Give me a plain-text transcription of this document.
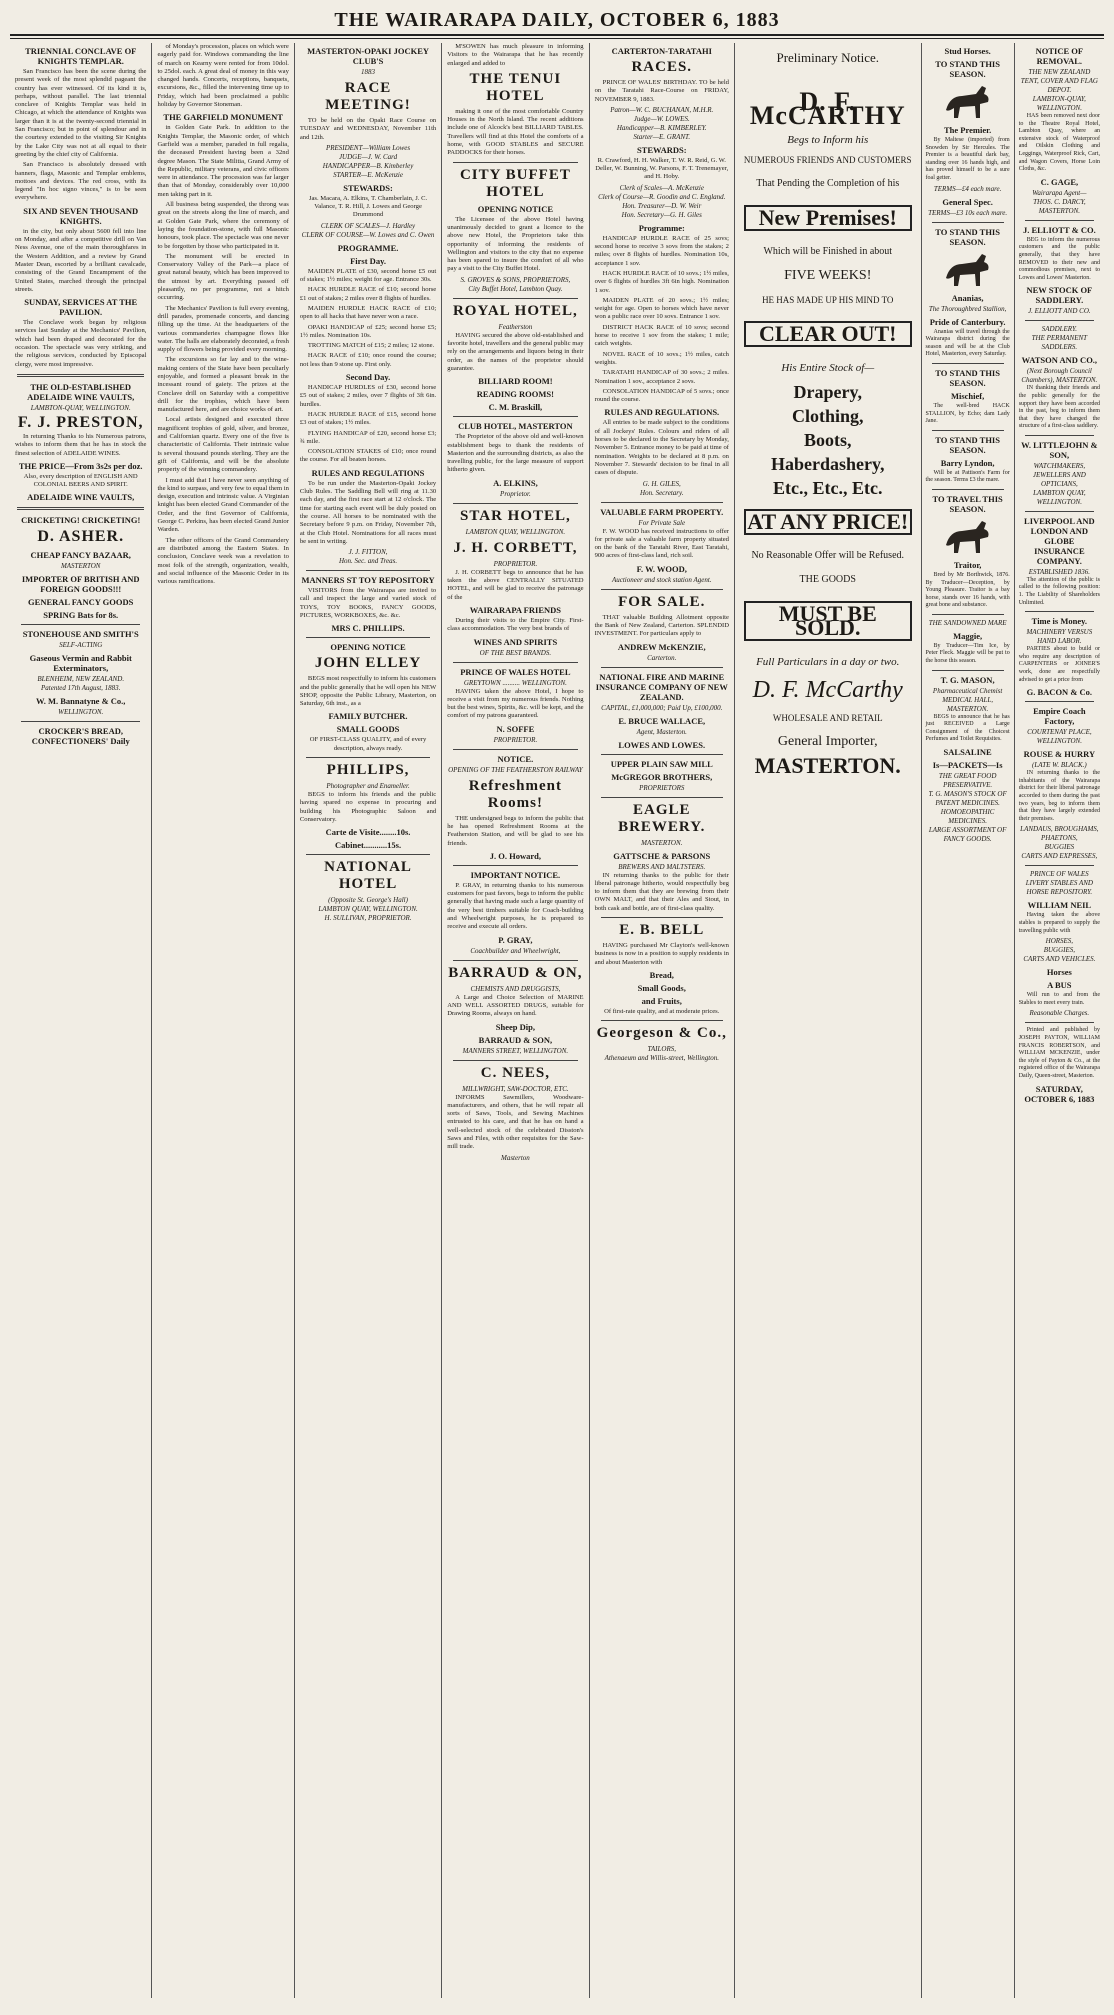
THE WAIRARAPA DAILY, OCTOBER 6, 1883
TRIENNIAL CONCLAVE OF KNIGHTS TEMPLAR.

San Francisco has been the scene during the present week of the most splendid pageant the country has ever witnessed. Of its kind it is, perhaps, without parallel. The last triennial conclave of Knights Templar was held in Chicago, at which the attendance of Knights was larger than it is at the twenty-second triennial in San Francisco; but in point of splendour and in the courtesy extended to the visiting Sir Knights by the Lake City was not at all equal to their greeting by the chief city of California.

San Francisco is absolutely dressed with banners, flags, Masonic and Templar emblems, mottoes and devices. The red cross, with its legend "In hoc signo vinces," is to be seen everywhere.

SIX AND SEVEN THOUSAND KNIGHTS.

in the city, but only about 5600 fell into line on Monday, and after a competitive drill on Van Ness Avenue, one of the main thoroughfares in the Western Addition, and a review by Grand Master Dean, escorted by a brilliant cavalcade, consisting of the Grand Encampment of the United States, marched through the principal streets.

SUNDAY, SERVICES AT THE PAVILION.

The Conclave work began by religious services last Sunday at the Mechanics' Pavilion, which had been draped and decorated for the occasion. The spectacle was very striking, and the religious services, conducted by Episcopal clergy, were most impressive.

THE OLD-ESTABLISHED ADELAIDE WINE VAULTS,
LAMBTON-QUAY, WELLINGTON.
F. J. PRESTON,

In returning Thanks to his Numerous patrons, wishes to inform them that he has in stock the finest selection of ADELAIDE WINES.

THE PRICE—From 3s2s per doz.

Also, every description of ENGLISH AND COLONIAL BEERS AND SPIRIT.

ADELAIDE WINE VAULTS,
CRICKETING! CRICKETING!
D. ASHER.
CHEAP FANCY BAZAAR,
MASTERTON
IMPORTER OF BRITISH AND FOREIGN GOODS!!!
GENERAL FANCY GOODS
SPRING Bats for 8s.
STONEHOUSE AND SMITH'S
SELF-ACTING
Gaseous Vermin and Rabbit Exterminators,
BLENHEIM, NEW ZEALAND.
Patented 17th August, 1883.
W. M. Bannatyne & Co.,
WELLINGTON.
CROCKER'S BREAD, CONFECTIONERS' Daily

of Monday's procession, places on which were eagerly paid for. Windows commanding the line of march on Kearny were rented for from 10dol. to 25dol. each. A great deal of money in this way changed hands. Concerts, receptions, banquets, excursions, &c., filled the intervening time up to Friday, which had been proclaimed a public holiday by Governor Stoneman.

THE GARFIELD MONUMENT

in Golden Gate Park. In addition to the Knights Templar, the Masonic order, of which Garfield was a member, paraded in full regalia, the deceased President having been a 32nd degree Mason. The State Militia, Grand Army of the Republic, military veterans, and civic officers were in attendance. The procession was far larger than that of Monday, considerably over 10,000 men taking part in it.

All business being suspended, the throng was great on the streets along the line of march, and at Golden Gate Park, where the ceremony of laying the foundation-stone, with full Masonic honours, took place. The spectacle was one never to be forgotten by those who participated in it.

The monument will be erected in Conservatory Valley of the Park—a place of great natural beauty, which has been improved to the utmost by art. Everything passed off pleasantly, no per programme, not a hitch occurring.

The Mechanics' Pavilion is full every evening, drill parades, promenade concerts, and dancing filling up the time. At the headquarters of the various commanderies champagne flows like water. The halls are elaborately decorated, a fresh supply of flowers being provided every morning.

The excursions so far lay and to the wine-making centers of the State have been peculiarly enjoyable, and formed a pleasant break in the incessant round of gaiety. The prizes at the Conclave drill on Saturday with a competitive drill for the trophies, which have been manufactured here, and are choice works of art.

Local artists designed and executed three magnificent trophies of gold, silver, and bronze, and Californian quartz. Every one of the five is characteristic of California. Their intrinsic value is several thousand pounds sterling. They are the gift of California, and will be the absolute property of the winning commandery.

I must add that I have never seen anything of the kind to surpass, and very few to equal them in design, execution and intrinsic value. A Virginian knight has been elected Grand Commander of the Order, and the first Governor of California, George C. Perkins, has been elected Grand Junior Warden.

The other officers of the Grand Commandery are distributed among the Eastern States. In conclusion, Conclave week was a revelation to most folk of the strength, organization, wealth, and social influence of the Masonic Order in its various ramifications.

MASTERTON-OPAKI JOCKEY CLUB'S
1883
RACE MEETING!

TO be held on the Opaki Race Course on TUESDAY and WEDNESDAY, November 11th and 12th.

PRESIDENT—William Lowes
JUDGE—J. W. Card
HANDICAPPER—B. Kimberley
STARTER—E. McKenzie
STEWARDS:

Jas. Macara, A. Elkins, T. Chamberlain, J. C. Valance, T. R. Hill, J. Lowes and George Drummond

CLERK OF SCALES—J. Hardley
CLERK OF COURSE—W. Lowes and C. Owen
PROGRAMME.
First Day.

MAIDEN PLATE of £30, second horse £5 out of stakes; 1½ miles; weight for age. Entrance 30s.

HACK HURDLE RACE of £10; second horse £1 out of stakes; 2 miles over 8 flights of hurdles.

MAIDEN HURDLE HACK RACE of £10; open to all hacks that have never won a race.

OPAKI HANDICAP of £25; second horse £5; 1½ miles. Nomination 10s.

TROTTING MATCH of £15; 2 miles; 12 stone.

HACK RACE of £10; once round the course; not less than 9 stone up. First only.

Second Day.

HANDICAP HURDLES of £30, second horse £5 out of stakes; 2 miles, over 7 flights of 3ft 6in. hurdles.

HACK HURDLE RACE of £15, second horse £3 out of stakes; 1½ miles.

FLYING HANDICAP of £20, second horse £3; ¾ mile.

CONSOLATION STAKES of £10; once round the course. For all beaten horses.

RULES AND REGULATIONS

To be run under the Masterton-Opaki Jockey Club Rules. The Saddling Bell will ring at 11.30 each day, and the first race start at 12 o'clock. The time for starting each event will be duly posted on the course. All horses to be nominated with the Secretary before 9 p.m. on Friday, November 7th, at the Club Hotel. Nominations for all races must be sent in writing.

J. J. FITTON,
Hon. Sec. and Treas.
MANNERS ST TOY REPOSITORY

VISITORS from the Wairarapa are invited to call and inspect the large and varied stock of TOYS, TOY BOOKS, FANCY GOODS, PICTURES, WORKBOXES, &c. &c.

MRS C. PHILLIPS.
OPENING NOTICE
JOHN ELLEY

BEGS most respectfully to inform his customers and the public generally that he will open his NEW SHOP, opposite the Public Library, Masterton, on Saturday, 6th inst., as a

FAMILY BUTCHER.
SMALL GOODS

OF FIRST-CLASS QUALITY, and of every description, always ready.

PHILLIPS,
Photographer and Enameller.

BEGS to inform his friends and the public having spared no expense in procuring and building his Photographic Saloon and Conservatory.

Carte de Visite........10s.
Cabinet...........15s.
NATIONAL HOTEL
(Opposite St. George's Hall)
LAMBTON QUAY, WELLINGTON.
H. SULLIVAN, PROPRIETOR.

M'SOWEN has much pleasure in informing Visitors to the Wairarapa that he has recently enlarged and added to

THE TENUI HOTEL

making it one of the most comfortable Country Houses in the North Island. The recent additions include one of Alcock's best BILLIARD TABLES. Travellers will find at this Hotel the comforts of a home, with GOOD STABLES and SECURE PADDOCKS for their horses.

CITY BUFFET HOTEL
OPENING NOTICE

The Licensee of the above Hotel having unanimously decided to grant a licence to the above new Hotel, the Proprietors take this opportunity of informing the residents of Wellington and visitors to the city that no expense has been spared to insure the comfort of all who pay a visit to the City Buffet Hotel.

S. GROVES & SONS, PROPRIETORS,
City Buffet Hotel, Lambton Quay.
ROYAL HOTEL,
Featherston

HAVING secured the above old-established and favorite hotel, travellers and the general public may rely on the arrangements and liquors being in their order, as the names of the proprietor should guarantee.

BILLIARD ROOM!
READING ROOMS!
C. M. Braskill,
CLUB HOTEL, MASTERTON

The Proprietor of the above old and well-known establishment begs to thank the residents of Masterton and the surrounding districts, as also the travelling public, for the large measure of support hitherto given.

A. ELKINS,
Proprietor.
STAR HOTEL,
LAMBTON QUAY, WELLINGTON.
J. H. CORBETT,
PROPRIETOR.

J. H. CORBETT begs to announce that he has taken the above CENTRALLY SITUATED HOTEL, and will be glad to receive the patronage of the

WAIRARAPA FRIENDS

During their visits to the Empire City. First-class accommodation. The very best brands of

WINES AND SPIRITS
OF THE BEST BRANDS.
PRINCE OF WALES HOTEL
GREYTOWN .......... WELLINGTON.

HAVING taken the above Hotel, I hope to receive a visit from my numerous friends. Nothing but the best wines, Spirits, &c. will be kept, and the comfort of my patrons guaranteed.

N. SOFFE
PROPRIETOR.
NOTICE.
OPENING OF THE FEATHERSTON RAILWAY
Refreshment Rooms!

THE undersigned begs to inform the public that he has opened Refreshment Rooms at the Featherston Station, and will be glad to see his friends.

J. O. Howard,
IMPORTANT NOTICE.

P. GRAY, in returning thanks to his numerous customers for past favors, begs to inform the public generally that having made such a large quantity of the very best timbers suitable for Coach-building and Wheelwright purposes, he is prepared to receive and execute all orders.

P. GRAY,
Coachbuilder and Wheelwright,
BARRAUD & ON,
CHEMISTS AND DRUGGISTS,

A Large and Choice Selection of MARINE AND WELL ASSORTED DRUGS, suitable for Drawing Rooms, always on hand.

Sheep Dip,
BARRAUD & SON,
MANNERS STREET, WELLINGTON.
C. NEES,
MILLWRIGHT, SAW-DOCTOR, ETC.

INFORMS Sawmillers, Woodware-manufacturers, and others, that he will repair all sorts of Saws, Tools, and Sewing Machines entrusted to his care, and that he has on hand a well-selected stock of the celebrated Disston's Saws and Files, with other requisites for the Saw-mill trade.

Masterton
CARTERTON-TARATAHI
RACES.

PRINCE OF WALES' BIRTHDAY. TO be held on the Taratahi Race-Course on FRIDAY, NOVEMBER 9, 1883.

Patron—W. C. BUCHANAN, M.H.R.
Judge—W. LOWES.
Handicapper—B. KIMBERLEY.
Starter—E. GRANT.
STEWARDS:

R. Crawford, H. H. Walker, T. W. R. Reid, G. W. Deller, W. Bunning, W. Parsons, F. T. Trenemayer, and H. Hoby.

Clerk of Scales—A. McKenzie
Clerk of Course—R. Goodin and C. England.
Hon. Treasurer—D. W. Weir
Hon. Secretary—G. H. Giles
Programme:

HANDICAP HURDLE RACE of 25 sovs; second horse to receive 3 sovs from the stakes; 2 miles; over 8 flights of hurdles. Nomination 10s, acceptance 1 sov.

HACK HURDLE RACE of 10 sovs.; 1½ miles, over 6 flights of hurdles 3ft 6in high. Nomination 1 sov.

MAIDEN PLATE of 20 sovs.; 1½ miles; weight for age. Open to horses which have never won a public race over 10 sovs. Entrance 1 sov.

DISTRICT HACK RACE of 10 sovs; second horse to receive 1 sov from the stakes; 1 mile; catch weights.

NOVEL RACE of 10 sovs.; 1½ miles, catch weights.

TARATAHI HANDICAP of 30 sovs.; 2 miles. Nomination 1 sov., acceptance 2 sovs.

CONSOLATION HANDICAP of 5 sovs.; once round the course.

RULES AND REGULATIONS.

All entries to be made subject to the conditions of all Jockeys' Rules. Colours and riders of all horses to be declared to the Secretary by Monday, November 5. Entrance money to be paid at time of nomination. Weights to be declared at 8 p.m. on November 7. Stewards' decision to be final in all cases of dispute.

G. H. GILES,
Hon. Secretary.
VALUABLE FARM PROPERTY.
For Private Sale

F. W. WOOD has received instructions to offer for private sale a valuable farm property situated on the bank of the Taratahi River, East Taratahi, 900 acres of first-class land, rich soil.

F. W. WOOD,
Auctioneer and stock station Agent.
FOR SALE.

THAT valuable Building Allotment opposite the Bank of New Zealand, Carterton. SPLENDID INVESTMENT. For particulars apply to

ANDREW McKENZIE,
Carterton.
NATIONAL FIRE AND MARINE INSURANCE COMPANY OF NEW ZEALAND.
CAPITAL, £1,000,000; Paid Up, £100,000.
E. BRUCE WALLACE,
Agent, Masterton.
LOWES AND LOWES.
UPPER PLAIN SAW MILL
McGREGOR BROTHERS,
PROPRIETORS
EAGLE BREWERY.
MASTERTON.
GATTSCHE & PARSONS
BREWERS AND MALTSTERS.

IN returning thanks to the public for their liberal patronage hitherto, would respectfully beg to inform them that they are brewing from their OWN MALT, and that their Ales and Stout, in both cask and bottle, are of first-class quality.

E. B. BELL

HAVING purchased Mr Clayton's well-known business is now in a position to supply residents in and about Masterton with

Bread,
Small Goods,
and Fruits,

Of first-rate quality, and at moderate prices.

Georgeson & Co.,
TAILORS,
Athenaeum and Willis-street, Wellington.
Preliminary Notice.
D. F. McCARTHY
Begs to Inform his
NUMEROUS FRIENDS AND CUSTOMERS
That Pending the Completion of his
New Premises!
Which will be Finished in about
FIVE WEEKS!
HE HAS MADE UP HIS MIND TO
CLEAR OUT!
His Entire Stock of—
Drapery,
Clothing,
Boots,
Haberdashery,
Etc., Etc., Etc.
AT ANY PRICE!
No Reasonable Offer will be Refused.
THE GOODS
MUST BE SOLD.
Full Particulars in a day or two.
D. F. McCarthy
WHOLESALE AND RETAIL
General Importer,
MASTERTON.
Stud Horses.
TO STAND THIS SEASON.
The Premier.

By Maltese (imported) from Snowden by Sir Hercules. The Premier is a beautiful dark bay, standing over 16 hands high, and has proved himself to be a sure foal getter.

TERMS—£4 each mare.
General Spec.
TERMS—£3 10s each mare.
TO STAND THIS SEASON.
Ananias,
The Thoroughbred Stallion,
Pride of Canterbury.

Ananias will travel through the Wairarapa district during the season and will be at the Club Hotel, Masterton, every Saturday.

TO STAND THIS SEASON.
Mischief,

The well-bred HACK STALLION, by Echo; dam Lady Jane.

TO STAND THIS SEASON.
Barry Lyndon,

Will be at Pattison's Farm for the season. Terms £3 the mare.

TO TRAVEL THIS SEASON.
Traitor,

Bred by Mr Borthwick, 1876. By Traducer—Deception, by Young Pleasure. Traitor is a bay horse, stands over 16 hands, with great bone and substance.

THE SANDOWNED MARE
Maggie,

By Traducer—Tim Ice, by Peter Fleck. Maggie will be put to the horse this season.

T. G. MASON,
Pharmaceutical Chemist
MEDICAL HALL, MASTERTON.

BEGS to announce that he has just RECEIVED a Large Consignment of the Choicest Perfumes and Toilet Requisites.

SALSALINE
Is—PACKETS—Is
THE GREAT FOOD PRESERVATIVE.
T. G. MASON'S STOCK OF PATENT MEDICINES.
HOMOEOPATHIC MEDICINES.
LARGE ASSORTMENT OF FANCY GOODS.
NOTICE OF REMOVAL.
THE NEW ZEALAND TENT, COVER AND FLAG DEPOT.
LAMBTON-QUAY, WELLINGTON.

HAS been removed next door to the Theatre Royal Hotel, Lambton Quay, where an extensive stock of Waterproof and Oilskin Clothing and Leggings, Waterproof Rick, Cart, and Wagon Covers, Horse Loin Cloths, &c.

C. GAGE,
Wairarapa Agent—
THOS. C. DARCY, MASTERTON.
J. ELLIOTT & CO.

BEG to inform the numerous customers and the public generally, that they have REMOVED to their new and commodious premises, next to Lowes and Lowes' Masterton.

NEW STOCK OF SADDLERY.
J. ELLIOTT AND CO.
SADDLERY.
THE PERMANENT SADDLERS.
WATSON AND CO.,
(Next Borough Council Chambers), MASTERTON.

IN thanking their friends and the public generally for the support they have been accorded in the past, beg to inform them that they have changed the structure of a first-class saddlery.

W. LITTLEJOHN & SON,
WATCHMAKERS, JEWELLERS AND OPTICIANS,
LAMBTON QUAY, WELLINGTON.
LIVERPOOL AND LONDON AND GLOBE INSURANCE COMPANY.
ESTABLISHED 1836.

The attention of the public is called to the following position: 1. The Liability of Shareholders Unlimited.

Time is Money.
MACHINERY VERSUS HAND LABOR.

PARTIES about to build or who require any description of CARPENTERS or JOINER'S work, done are respectfully advised to get a price from

G. BACON & Co.
Empire Coach Factory,
COURTENAY PLACE,
WELLINGTON.
ROUSE & HURRY
(LATE W. BLACK.)

IN returning thanks to the inhabitants of the Wairarapa district for their liberal patronage accorded to them during the past two years, beg to inform them that they have largely extended their premises.

LANDAUS, BROUGHAMS,
PHAETONS,
BUGGIES
CARTS AND EXPRESSES,
PRINCE OF WALES LIVERY STABLES AND HORSE REPOSITORY.
WILLIAM NEIL

Having taken the above stables is prepared to supply the travelling public with

HORSES,
BUGGIES,
CARTS AND VEHICLES.
Horses
A BUS

Will run to and from the Stables to meet every train.

Reasonable Charges.

Printed and published by JOSEPH PAYTON, WILLIAM FRANCIS ROBERTSON, and WILLIAM MCKENZIE, under the style of Payton & Co., at the registered office of the Wairarapa Daily, Queen-street, Masterton.

SATURDAY, OCTOBER 6, 1883
